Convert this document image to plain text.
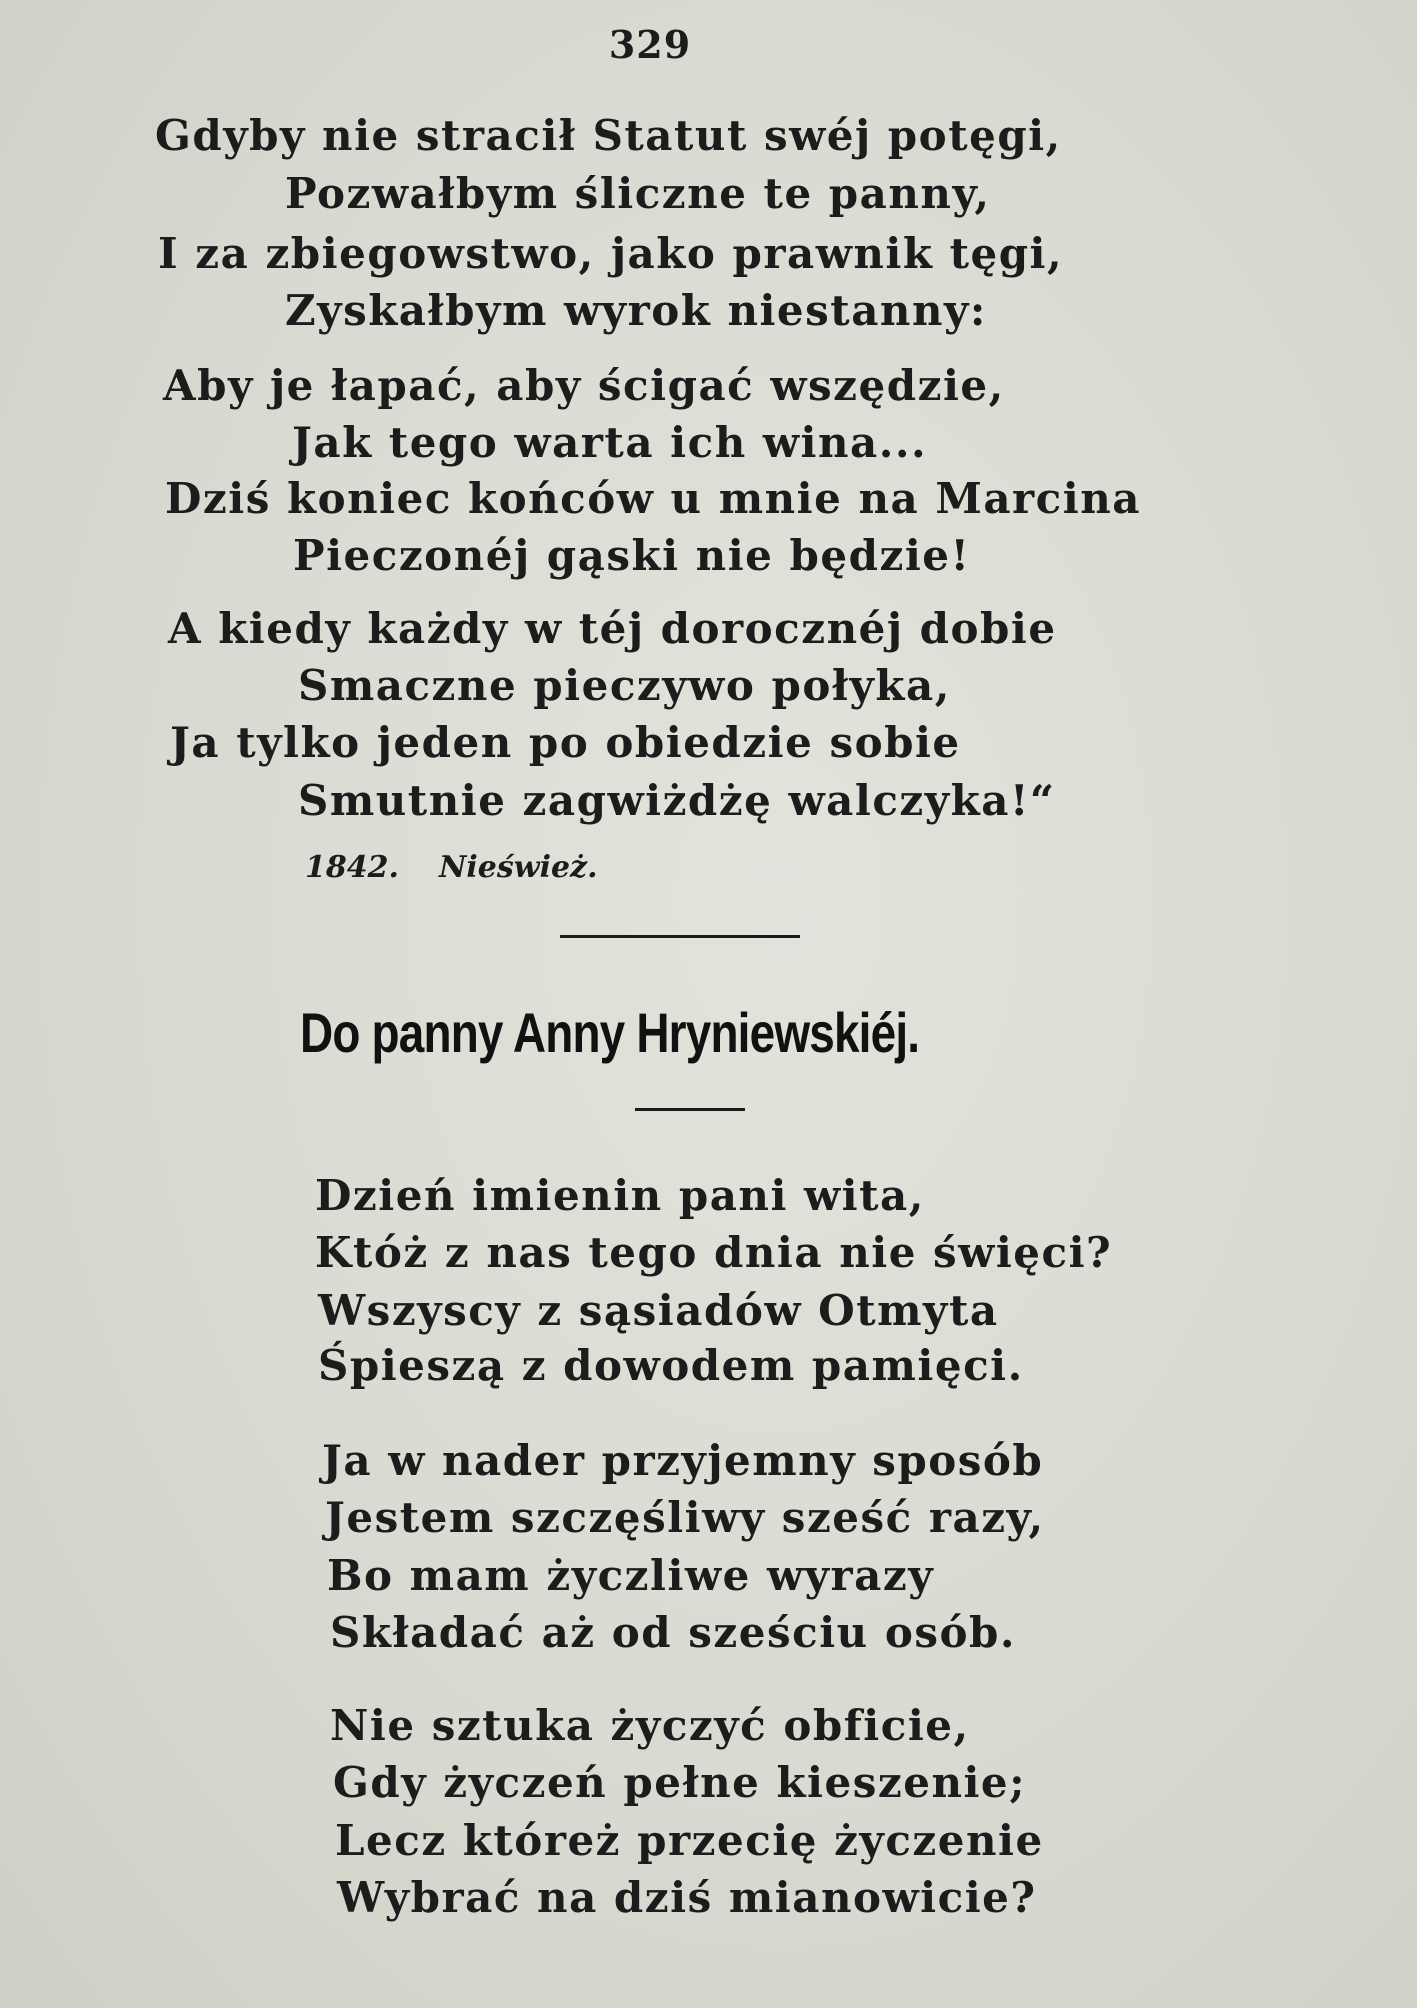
329
Gdyby nie stracił Statut swéj potęgi,
Pozwałbym śliczne te panny,
I za zbiegowstwo, jako prawnik tęgi,
Zyskałbym wyrok niestanny:
Aby je łapać, aby ścigać wszędzie,
Jak tego warta ich wina...
Dziś koniec końców u mnie na Marcina
Pieczonéj gąski nie będzie!
A kiedy każdy w téj dorocznéj dobie
Smaczne pieczywo połyka,
Ja tylko jeden po obiedzie sobie
Smutnie zagwiżdżę walczyka!“
1842. Nieśwież.
Do panny Anny Hryniewskiéj.
Dzień imienin pani wita,
Któż z nas tego dnia nie święci?
Wszyscy z sąsiadów Otmyta
Śpieszą z dowodem pamięci.
Ja w nader przyjemny sposób
Jestem szczęśliwy sześć razy,
Bo mam życzliwe wyrazy
Składać aż od sześciu osób.
Nie sztuka życzyć obficie,
Gdy życzeń pełne kieszenie;
Lecz któreż przecię życzenie
Wybrać na dziś mianowicie?
